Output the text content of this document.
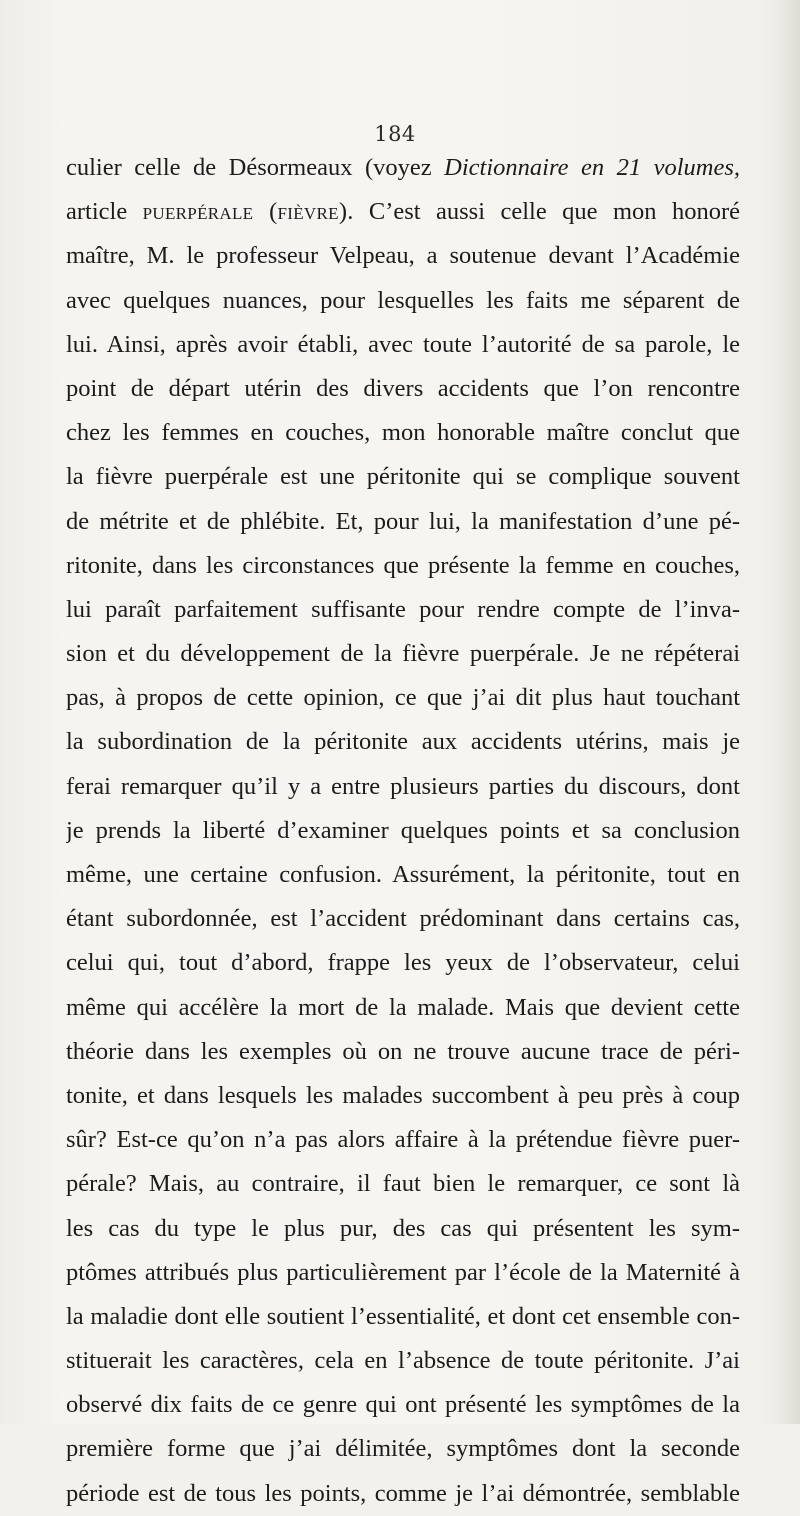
184
culier celle de Désormeaux (voyez Dictionnaire en 21 volumes,
article puerpérale (fièvre). C’est aussi celle que mon honoré
maître, M. le professeur Velpeau, a soutenue devant l’Académie
avec quelques nuances, pour lesquelles les faits me séparent de
lui. Ainsi, après avoir établi, avec toute l’autorité de sa parole, le
point de départ utérin des divers accidents que l’on rencontre
chez les femmes en couches, mon honorable maître conclut que
la fièvre puerpérale est une péritonite qui se complique souvent
de métrite et de phlébite. Et, pour lui, la manifestation d’une pé-
ritonite, dans les circonstances que présente la femme en couches,
lui paraît parfaitement suffisante pour rendre compte de l’inva-
sion et du développement de la fièvre puerpérale. Je ne répéterai
pas, à propos de cette opinion, ce que j’ai dit plus haut touchant
la subordination de la péritonite aux accidents utérins, mais je
ferai remarquer qu’il y a entre plusieurs parties du discours, dont
je prends la liberté d’examiner quelques points et sa conclusion
même, une certaine confusion. Assurément, la péritonite, tout en
étant subordonnée, est l’accident prédominant dans certains cas,
celui qui, tout d’abord, frappe les yeux de l’observateur, celui
même qui accélère la mort de la malade. Mais que devient cette
théorie dans les exemples où on ne trouve aucune trace de péri-
tonite, et dans lesquels les malades succombent à peu près à coup
sûr? Est-ce qu’on n’a pas alors affaire à la prétendue fièvre puer-
pérale? Mais, au contraire, il faut bien le remarquer, ce sont là
les cas du type le plus pur, des cas qui présentent les sym-
ptômes attribués plus particulièrement par l’école de la Maternité à
la maladie dont elle soutient l’essentialité, et dont cet ensemble con-
stituerait les caractères, cela en l’absence de toute péritonite. J’ai
observé dix faits de ce genre qui ont présenté les symptômes de la
première forme que j’ai délimitée, symptômes dont la seconde
période est de tous les points, comme je l’ai démontrée, semblable
